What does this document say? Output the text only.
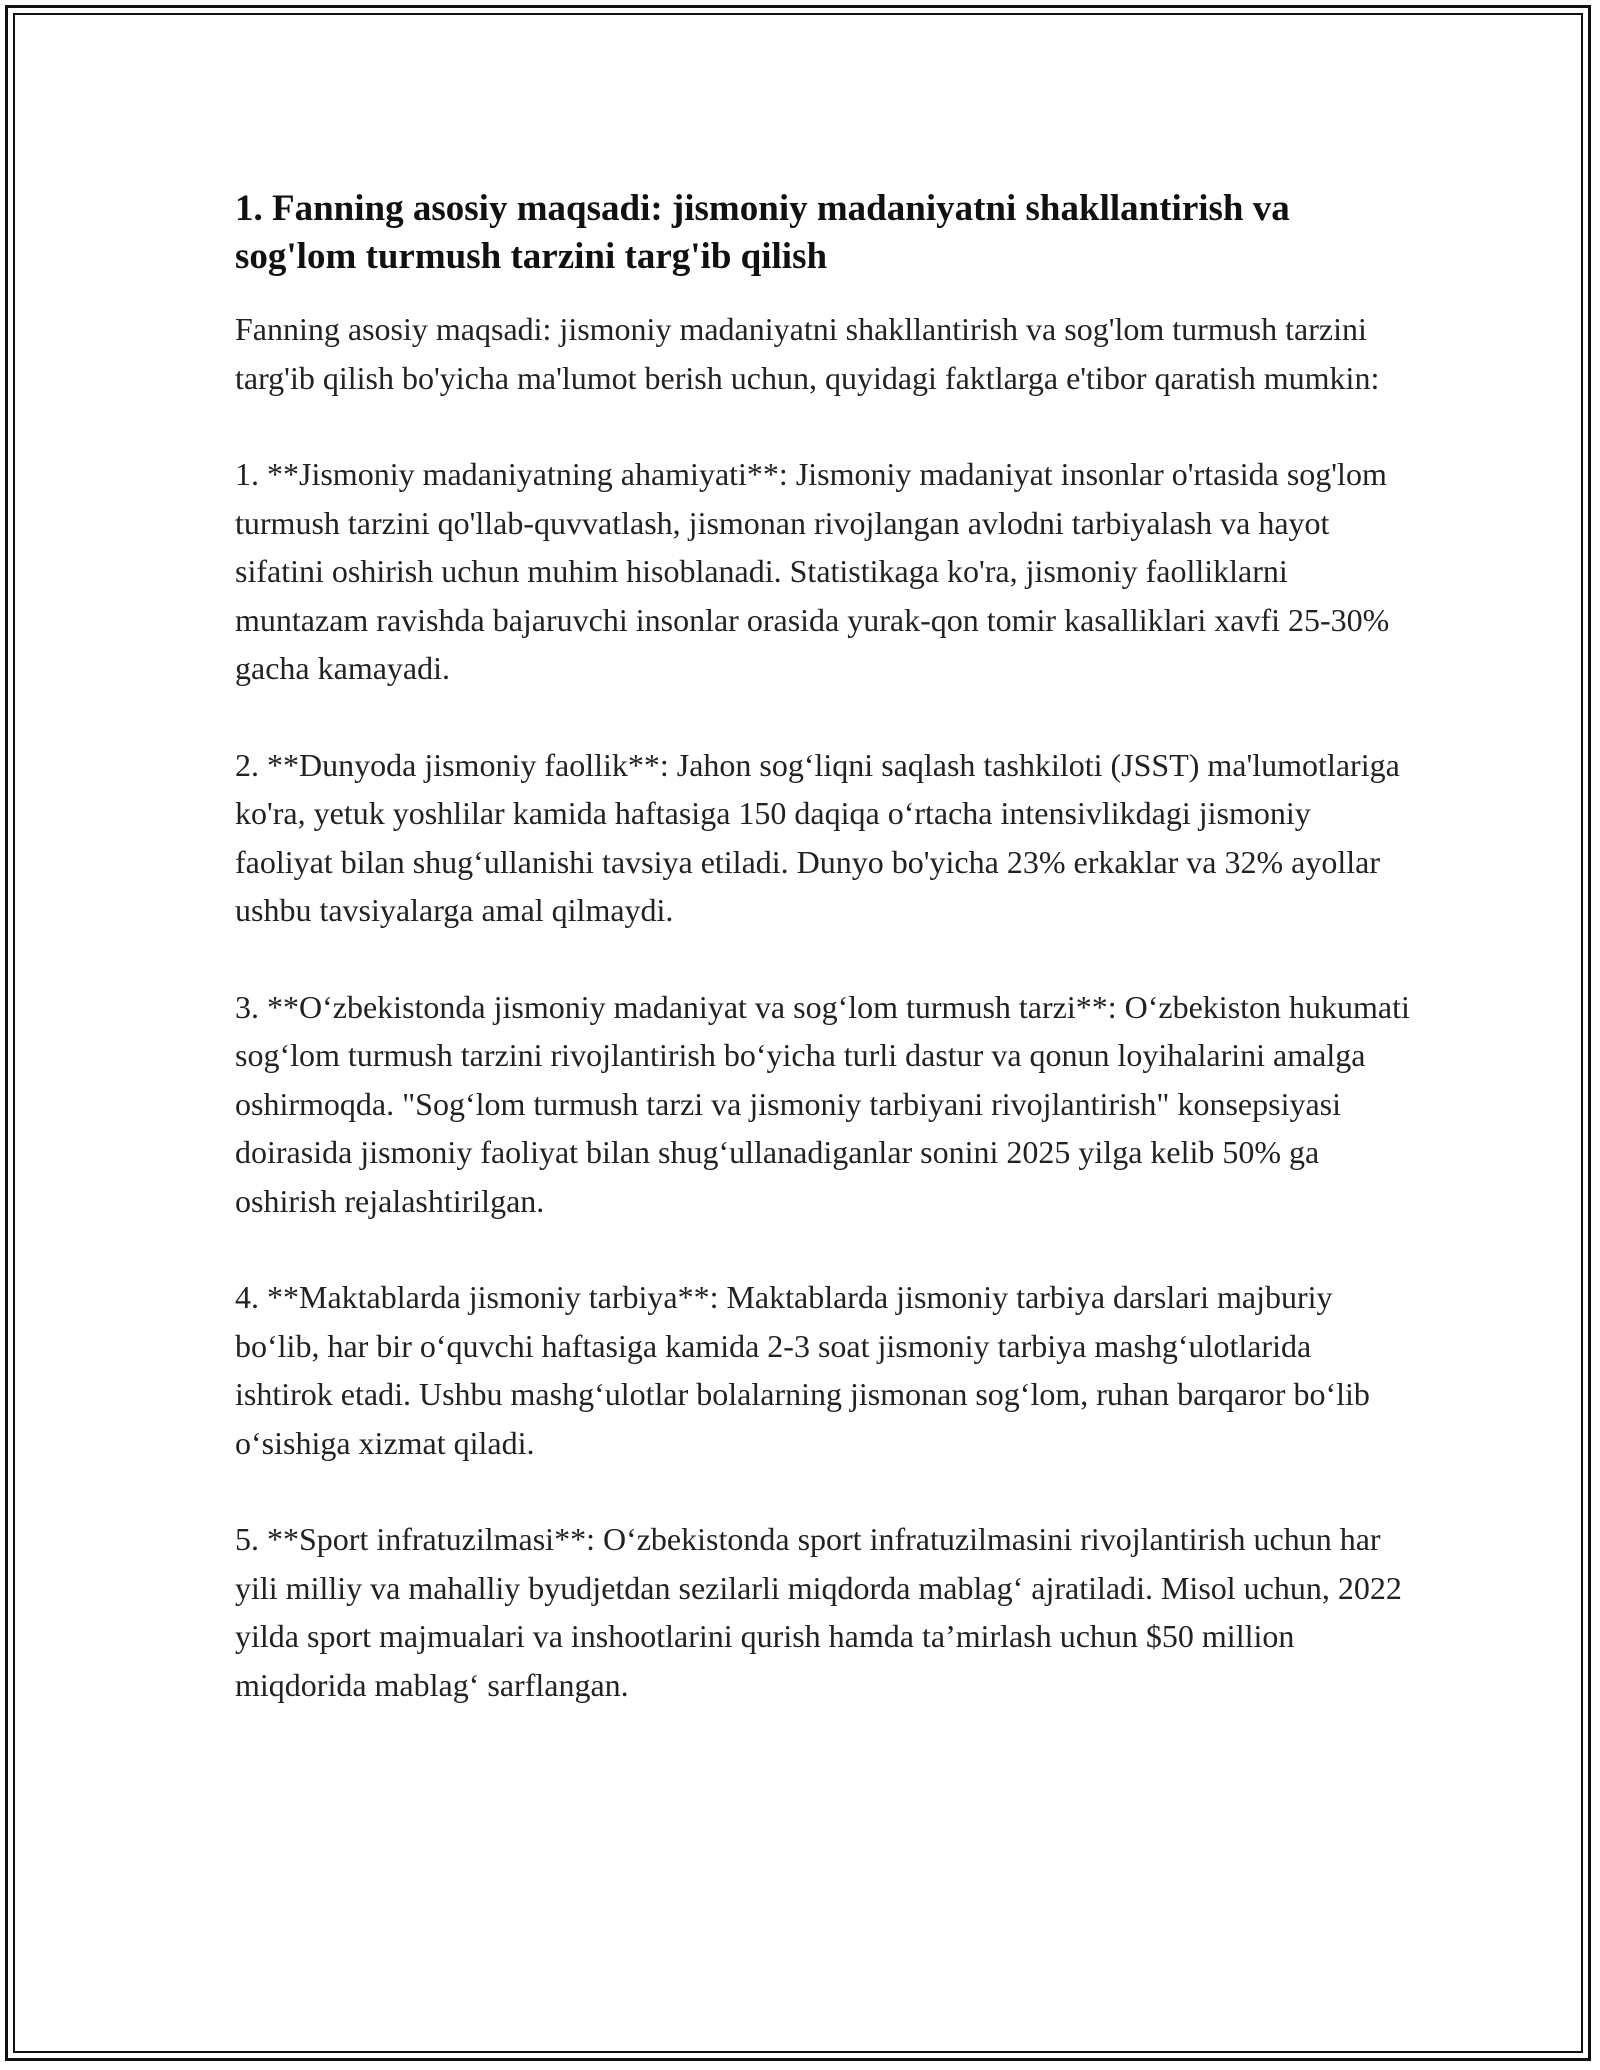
1. Fanning asosiy maqsadi: jismoniy madaniyatni shakllantirish va sog'lom turmush tarzini targ'ib qilish

Fanning asosiy maqsadi: jismoniy madaniyatni shakllantirish va sog'lom turmush tarzini targ'ib qilish bo'yicha ma'lumot berish uchun, quyidagi faktlarga e'tibor qaratish mumkin:

1. **Jismoniy madaniyatning ahamiyati**: Jismoniy madaniyat insonlar o'rtasida sog'lom turmush tarzini qo'llab-quvvatlash, jismonan rivojlangan avlodni tarbiyalash va hayot sifatini oshirish uchun muhim hisoblanadi. Statistikaga ko'ra, jismoniy faolliklarni muntazam ravishda bajaruvchi insonlar orasida yurak-qon tomir kasalliklari xavfi 25-30% gacha kamayadi.

2. **Dunyoda jismoniy faollik**: Jahon sog‘liqni saqlash tashkiloti (JSST) ma'lumotlariga ko'ra, yetuk yoshlilar kamida haftasiga 150 daqiqa o‘rtacha intensivlikdagi jismoniy faoliyat bilan shug‘ullanishi tavsiya etiladi. Dunyo bo'yicha 23% erkaklar va 32% ayollar ushbu tavsiyalarga amal qilmaydi.

3. **O‘zbekistonda jismoniy madaniyat va sog‘lom turmush tarzi**: O‘zbekiston hukumati sog‘lom turmush tarzini rivojlantirish bo‘yicha turli dastur va qonun loyihalarini amalga oshirmoqda. "Sog‘lom turmush tarzi va jismoniy tarbiyani rivojlantirish" konsepsiyasi doirasida jismoniy faoliyat bilan shug‘ullanadiganlar sonini 2025 yilga kelib 50% ga oshirish rejalashtirilgan.

4. **Maktablarda jismoniy tarbiya**: Maktablarda jismoniy tarbiya darslari majburiy bo‘lib, har bir o‘quvchi haftasiga kamida 2-3 soat jismoniy tarbiya mashg‘ulotlarida ishtirok etadi. Ushbu mashg‘ulotlar bolalarning jismonan sog‘lom, ruhan barqaror bo‘lib o‘sishiga xizmat qiladi.

5. **Sport infratuzilmasi**: O‘zbekistonda sport infratuzilmasini rivojlantirish uchun har yili milliy va mahalliy byudjetdan sezilarli miqdorda mablag‘ ajratiladi. Misol uchun, 2022 yilda sport majmualari va inshootlarini qurish hamda ta’mirlash uchun $50 million miqdorida mablag‘ sarflangan.
